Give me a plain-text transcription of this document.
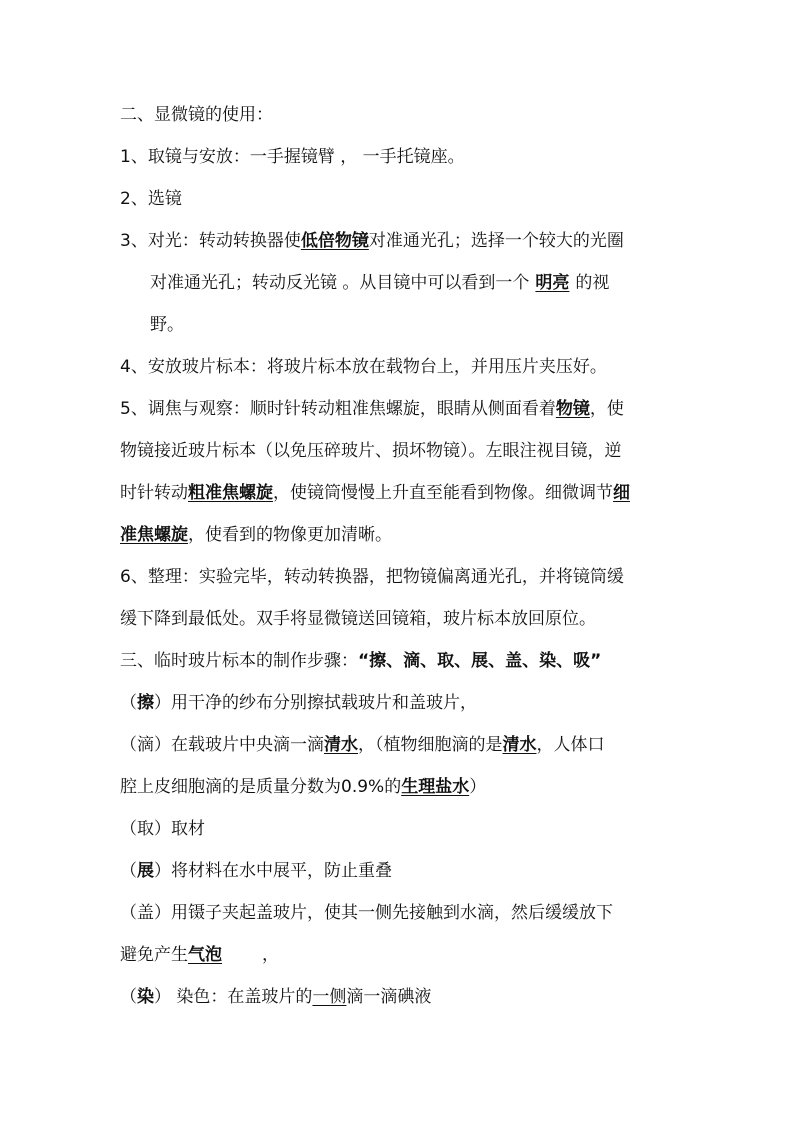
二、显微镜的使用：
1、取镜与安放：一手握镜臂 ， 一手托镜座。
2、选镜
3、对光：转动转换器使低倍物镜对准通光孔；选择一个较大的光圈
对准通光孔；转动反光镜 。从目镜中可以看到一个 明亮 的视
野。
4、安放玻片标本：将玻片标本放在载物台上，并用压片夹压好。
5、调焦与观察：顺时针转动粗准焦螺旋，眼睛从侧面看着物镜，使
物镜接近玻片标本（以免压碎玻片、损坏物镜）。左眼注视目镜，逆
时针转动粗准焦螺旋，使镜筒慢慢上升直至能看到物像。细微调节细
准焦螺旋，使看到的物像更加清晰。
6、整理：实验完毕，转动转换器，把物镜偏离通光孔，并将镜筒缓
缓下降到最低处。双手将显微镜送回镜箱，玻片标本放回原位。
三、临时玻片标本的制作步骤：“擦、滴、取、展、盖、染、吸”
（擦）用干净的纱布分别擦拭载玻片和盖玻片，
（滴）在载玻片中央滴一滴清水，（植物细胞滴的是清水，人体口
腔上皮细胞滴的是质量分数为0.9%的生理盐水）
（取）取材
（展）将材料在水中展平，防止重叠
（盖）用镊子夹起盖玻片，使其一侧先接触到水滴，然后缓缓放下
避免产生气泡 ，
（染） 染色：在盖玻片的一侧滴一滴碘液
